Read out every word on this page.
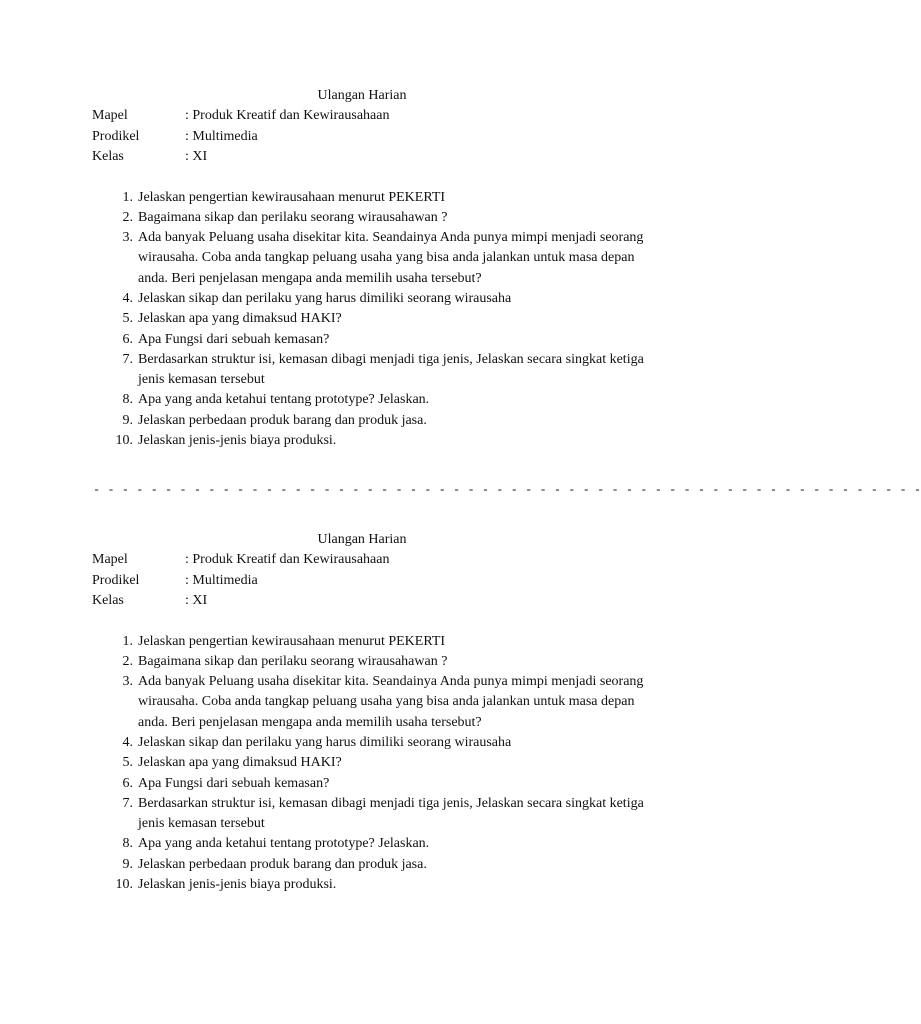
Ulangan Harian
Mapel	: Produk Kreatif dan Kewirausahaan
Prodikel	: Multimedia
Kelas	: XI
1. Jelaskan pengertian kewirausahaan menurut PEKERTI
2. Bagaimana sikap dan perilaku seorang wirausahawan ?
3. Ada banyak Peluang usaha disekitar kita. Seandainya Anda punya mimpi menjadi seorang wirausaha. Coba anda tangkap peluang usaha yang bisa anda jalankan untuk masa depan anda. Beri penjelasan mengapa anda memilih usaha tersebut?
4. Jelaskan sikap dan perilaku yang harus dimiliki seorang wirausaha
5. Jelaskan apa yang dimaksud HAKI?
6. Apa Fungsi dari sebuah kemasan?
7. Berdasarkan struktur isi, kemasan dibagi menjadi tiga jenis, Jelaskan secara singkat ketiga jenis kemasan tersebut
8. Apa yang anda ketahui tentang prototype? Jelaskan.
9. Jelaskan perbedaan produk barang dan produk jasa.
10. Jelaskan jenis-jenis biaya produksi.
- - - - - - - - - - - - - - - - - - - - - - - - - - - - - - - - - - - - - - - - - - - - - - - - - - - - - - - - - -
Ulangan Harian
Mapel	: Produk Kreatif dan Kewirausahaan
Prodikel	: Multimedia
Kelas	: XI
1. Jelaskan pengertian kewirausahaan menurut PEKERTI
2. Bagaimana sikap dan perilaku seorang wirausahawan ?
3. Ada banyak Peluang usaha disekitar kita. Seandainya Anda punya mimpi menjadi seorang wirausaha. Coba anda tangkap peluang usaha yang bisa anda jalankan untuk masa depan anda. Beri penjelasan mengapa anda memilih usaha tersebut?
4. Jelaskan sikap dan perilaku yang harus dimiliki seorang wirausaha
5. Jelaskan apa yang dimaksud HAKI?
6. Apa Fungsi dari sebuah kemasan?
7. Berdasarkan struktur isi, kemasan dibagi menjadi tiga jenis, Jelaskan secara singkat ketiga jenis kemasan tersebut
8. Apa yang anda ketahui tentang prototype? Jelaskan.
9. Jelaskan perbedaan produk barang dan produk jasa.
10. Jelaskan jenis-jenis biaya produksi.
